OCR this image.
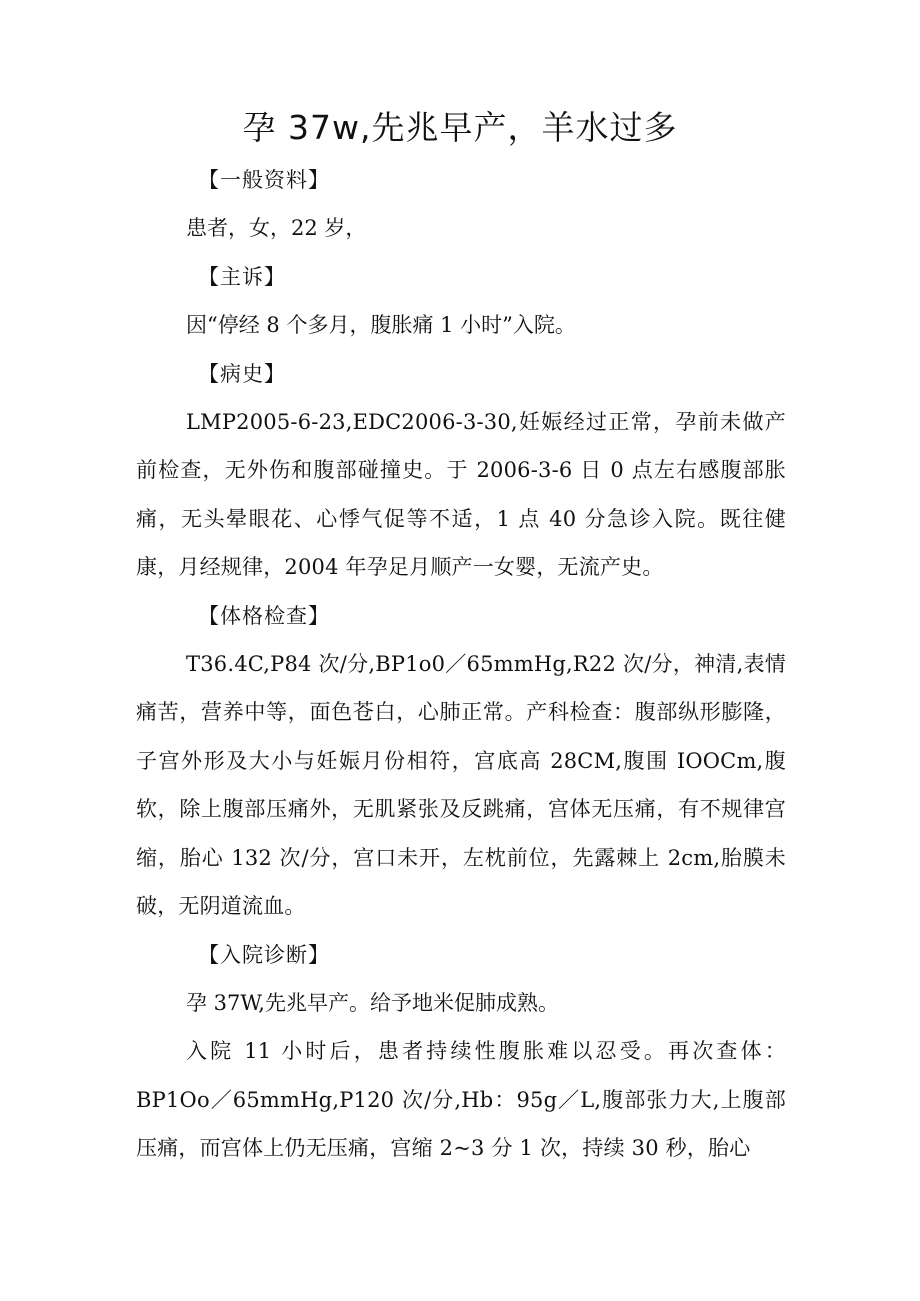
孕 37w,先兆早产，羊水过多

【一般资料】

患者，女，22 岁，

【主诉】

因“停经 8 个多月，腹胀痛 1 小时”入院。

【病史】

LMP2005-6-23,EDC2006-3-30,妊娠经过正常，孕前未做产前检查，无外伤和腹部碰撞史。于 2006-3-6 日 0 点左右感腹部胀痛，无头晕眼花、心悸气促等不适，1 点 40 分急诊入院。既往健康，月经规律，2004 年孕足月顺产一女婴，无流产史。

【体格检查】

T36.4C,P84 次/分,BP1o0／65mmHg,R22 次/分，神清,表情痛苦，营养中等，面色苍白，心肺正常。产科检查：腹部纵形膨隆，子宫外形及大小与妊娠月份相符，宫底高 28CM,腹围 IOOCm,腹软，除上腹部压痛外，无肌紧张及反跳痛，宫体无压痛，有不规律宫缩，胎心 132 次/分，宫口未开，左枕前位，先露棘上 2cm,胎膜未破，无阴道流血。

【入院诊断】

孕 37W,先兆早产。给予地米促肺成熟。

入院 11 小时后，患者持续性腹胀难以忍受。再次查体：BP1Oo／65mmHg,P120 次/分,Hb：95g／L,腹部张力大,上腹部压痛，而宫体上仍无压痛，宫缩 2~3 分 1 次，持续 30 秒，胎心
